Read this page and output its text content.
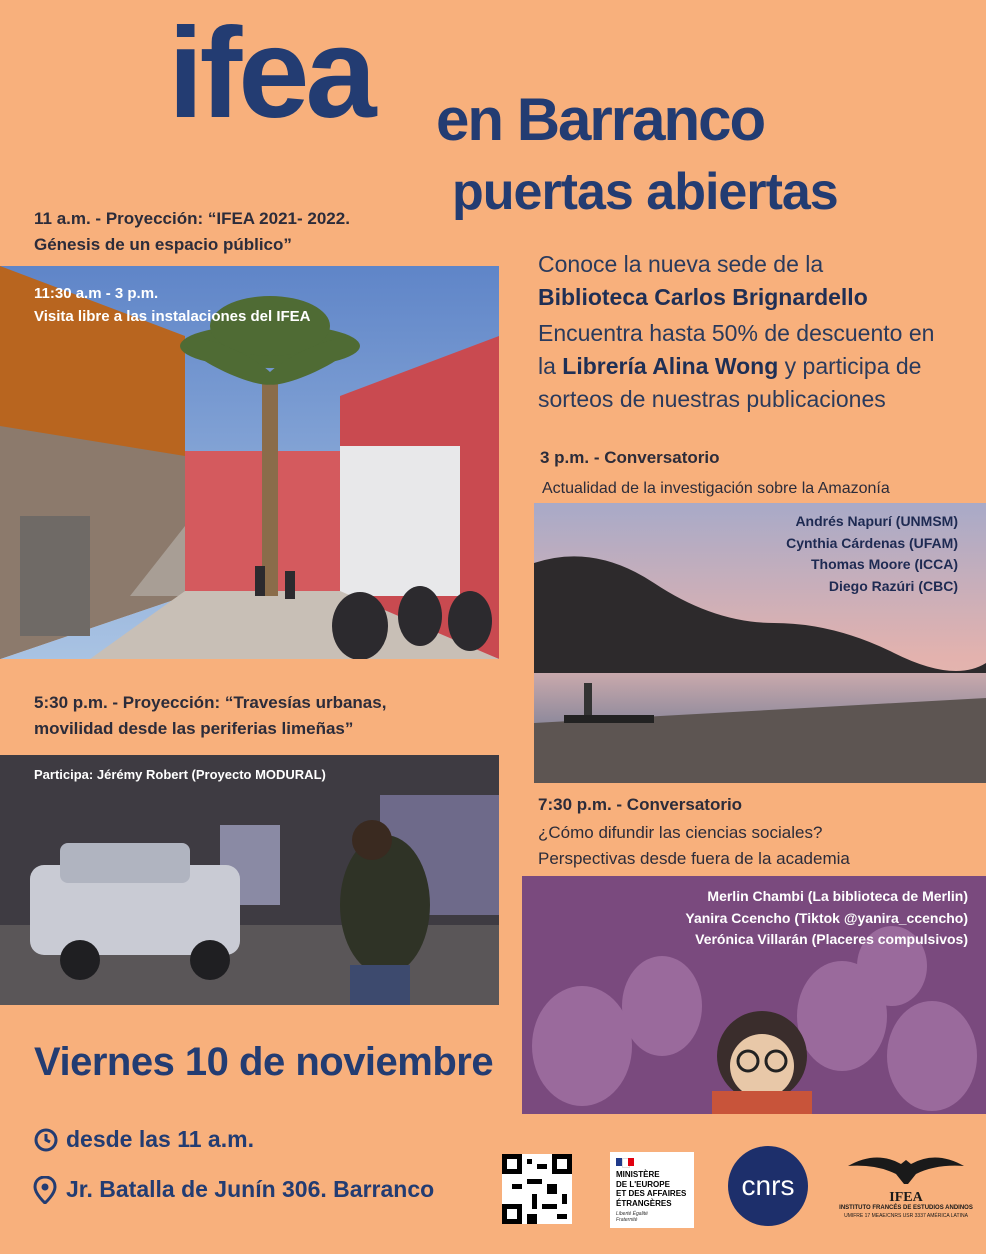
ifea en Barranco
puertas abiertas
11 a.m. - Proyección: “IFEA 2021- 2022.
Génesis de un espacio público”
11:30 a.m - 3 p.m.
Visita libre a las instalaciones del IFEA
Conoce la nueva sede de la
Biblioteca Carlos Brignardello
Encuentra hasta 50% de descuento en
la Librería Alina Wong y participa de
sorteos de nuestras publicaciones
3 p.m. - Conversatorio
Actualidad de la investigación sobre la Amazonía
Andrés Napurí (UNMSM)
Cynthia Cárdenas (UFAM)
Thomas Moore (ICCA)
Diego Razúri (CBC)
5:30 p.m. - Proyección: “Travesías urbanas,
movilidad desde las periferias limeñas”
Participa: Jérémy Robert (Proyecto MODURAL)
7:30 p.m. - Conversatorio
¿Cómo difundir las ciencias sociales?
Perspectivas desde fuera de la academia
Merlin Chambi (La biblioteca de Merlin)
Yanira Ccencho (Tiktok @yanira_ccencho)
Verónica Villarán (Placeres compulsivos)
Viernes 10 de noviembre
desde las 11 a.m.
Jr. Batalla de Junín 306. Barranco
MINISTÈRE
DE L'EUROPE
ET DES AFFAIRES
ÉTRANGÈRES
Liberté Égalité Fraternité
cnrs	IFEA
INSTITUTO FRANCÉS DE ESTUDIOS ANDINOS
UMIFRE 17 MEAE/CNRS USR 3337 AMÉRICA LATINA
